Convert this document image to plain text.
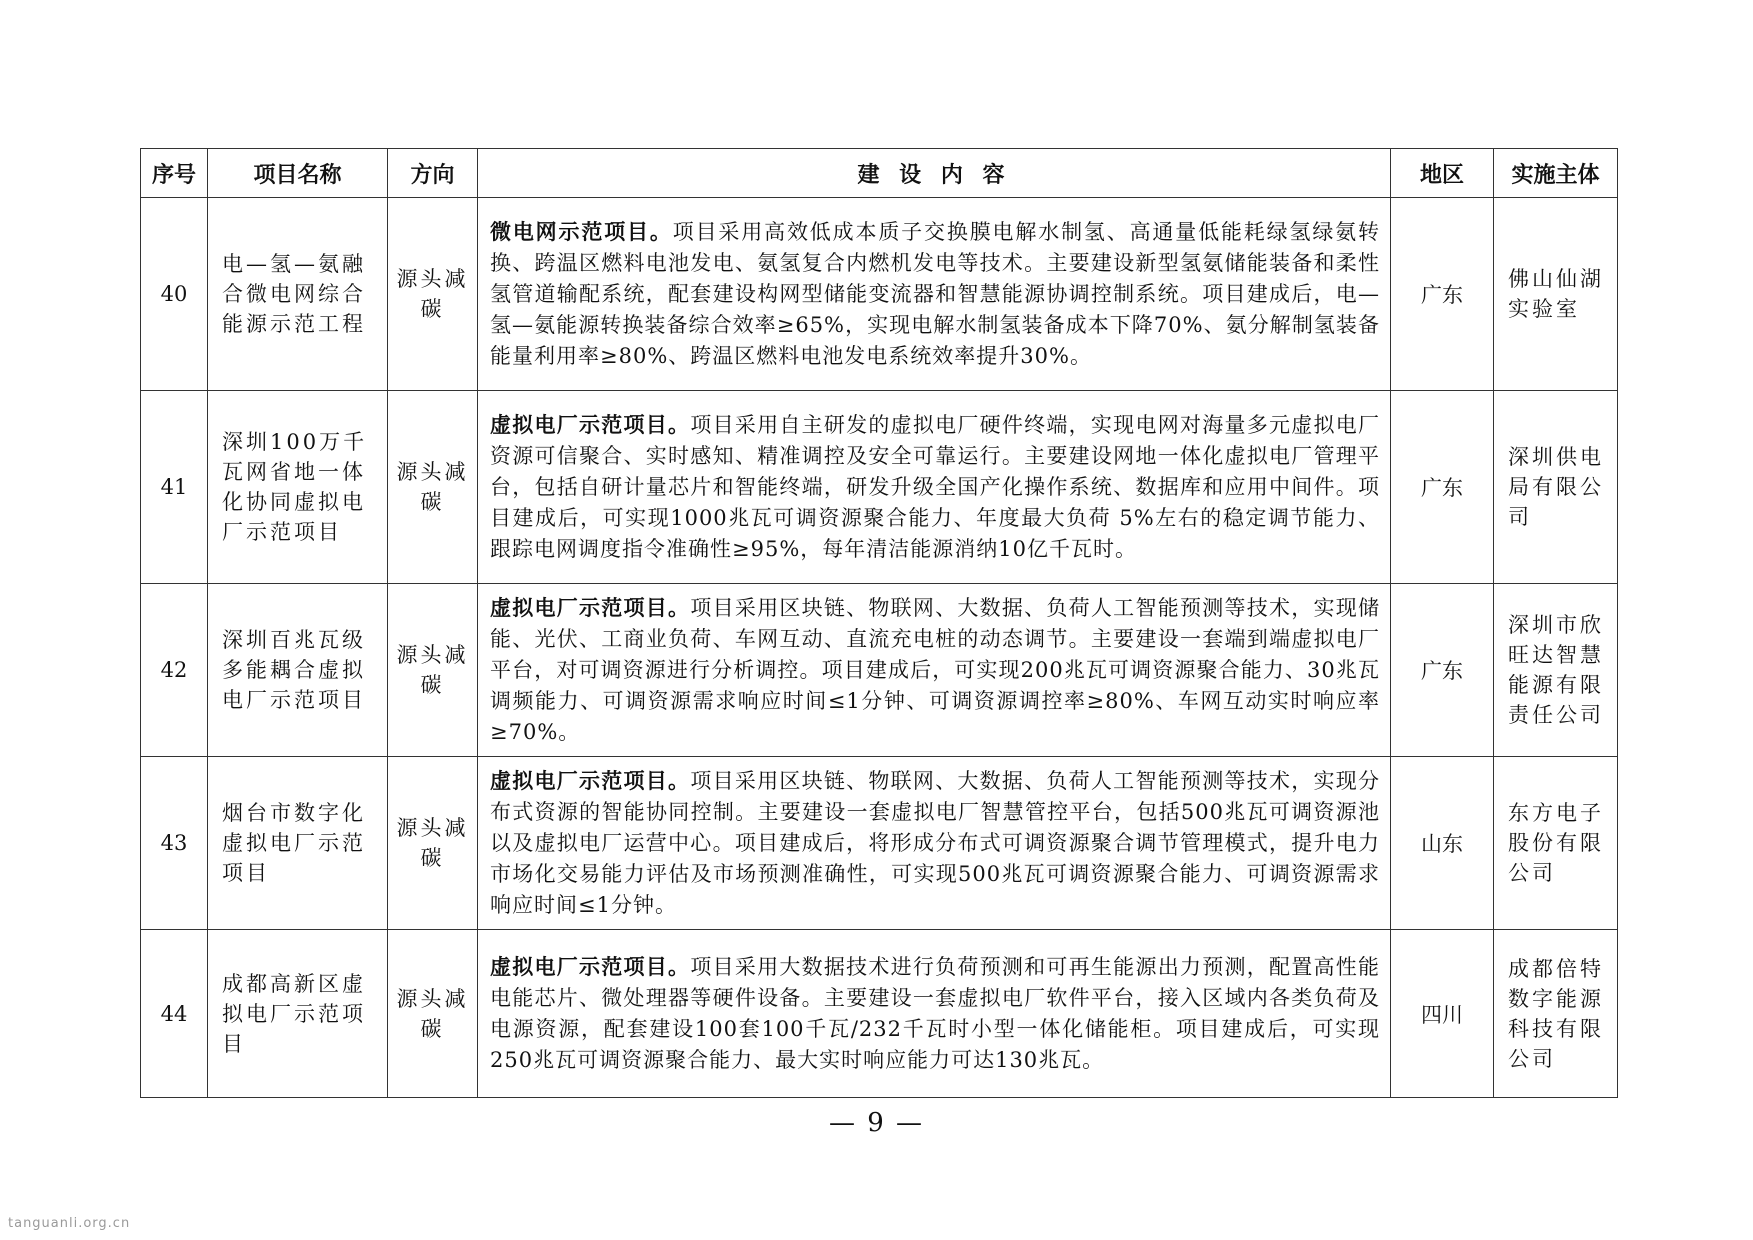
序号	项目名称	方向	建 设 内 容	地区	实施主体
40	电—氢—氨融合微电网综合能源示范工程	源头减碳	微电网示范项目。项目采用高效低成本质子交换膜电解水制氢、高通量低能耗绿氢绿氨转换、跨温区燃料电池发电、氨氢复合内燃机发电等技术。主要建设新型氢氨储能装备和柔性氢管道输配系统，配套建设构网型储能变流器和智慧能源协调控制系统。项目建成后，电—氢—氨能源转换装备综合效率≥65%，实现电解水制氢装备成本下降70%、氨分解制氢装备能量利用率≥80%、跨温区燃料电池发电系统效率提升30%。	广东	佛山仙湖实验室
41	深圳100万千瓦网省地一体化协同虚拟电厂示范项目	源头减碳	虚拟电厂示范项目。项目采用自主研发的虚拟电厂硬件终端，实现电网对海量多元虚拟电厂资源可信聚合、实时感知、精准调控及安全可靠运行。主要建设网地一体化虚拟电厂管理平台，包括自研计量芯片和智能终端，研发升级全国产化操作系统、数据库和应用中间件。项目建成后，可实现1000兆瓦可调资源聚合能力、年度最大负荷 5%左右的稳定调节能力、跟踪电网调度指令准确性≥95%，每年清洁能源消纳10亿千瓦时。	广东	深圳供电局有限公司
42	深圳百兆瓦级多能耦合虚拟电厂示范项目	源头减碳	虚拟电厂示范项目。项目采用区块链、物联网、大数据、负荷人工智能预测等技术，实现储能、光伏、工商业负荷、车网互动、直流充电桩的动态调节。主要建设一套端到端虚拟电厂平台，对可调资源进行分析调控。项目建成后，可实现200兆瓦可调资源聚合能力、30兆瓦调频能力、可调资源需求响应时间≤1分钟、可调资源调控率≥80%、车网互动实时响应率≥70%。	广东	深圳市欣旺达智慧能源有限责任公司
43	烟台市数字化虚拟电厂示范项目	源头减碳	虚拟电厂示范项目。项目采用区块链、物联网、大数据、负荷人工智能预测等技术，实现分布式资源的智能协同控制。主要建设一套虚拟电厂智慧管控平台，包括500兆瓦可调资源池以及虚拟电厂运营中心。项目建成后，将形成分布式可调资源聚合调节管理模式，提升电力市场化交易能力评估及市场预测准确性，可实现500兆瓦可调资源聚合能力、可调资源需求响应时间≤1分钟。	山东	东方电子股份有限公司
44	成都高新区虚拟电厂示范项目	源头减碳	虚拟电厂示范项目。项目采用大数据技术进行负荷预测和可再生能源出力预测，配置高性能电能芯片、微处理器等硬件设备。主要建设一套虚拟电厂软件平台，接入区域内各类负荷及电源资源，配套建设100套100千瓦/232千瓦时小型一体化储能柜。项目建成后，可实现250兆瓦可调资源聚合能力、最大实时响应能力可达130兆瓦。	四川	成都倍特数字能源科技有限公司
— 9 —
tanguanli.org.cn
